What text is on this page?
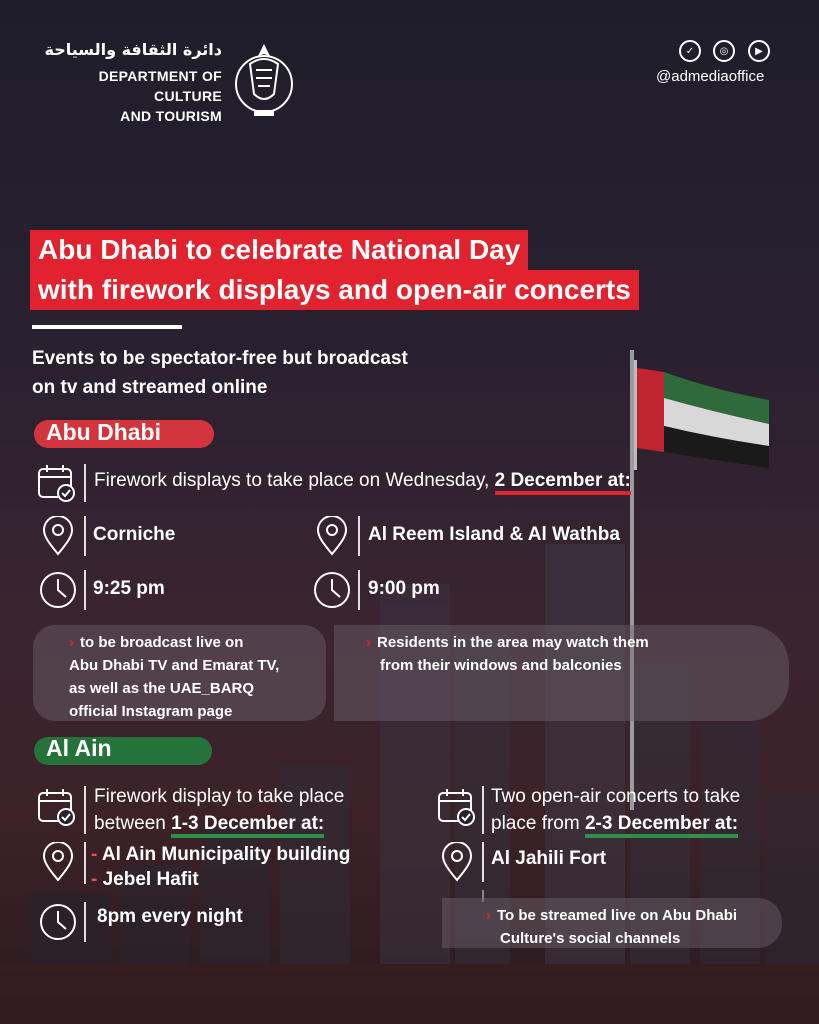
دائرة الثقافة والسياحة
DEPARTMENT OF CULTURE
AND TOURISM
✓	◎	▶
@admediaoffice
Abu Dhabi to celebrate National Day
with firework displays and open-air concerts
Events to be spectator-free but broadcast
on tv and streamed online
Abu Dhabi
Firework displays to take place on Wednesday, 2 December at:
Corniche	Al Reem Island & Al Wathba
9:25 pm	9:00 pm
› to be broadcast live on
Abu Dhabi TV and Emarat TV,
as well as the UAE_BARQ
official Instagram page
› Residents in the area may watch them
from their windows and balconies
Al Ain
Firework display to take place
between 1-3 December at:
- Al Ain Municipality building
- Jebel Hafit
8pm every night
Two open-air concerts to take
place from 2-3 December at:
Al Jahili Fort
› To be streamed live on Abu Dhabi
Culture's social channels
